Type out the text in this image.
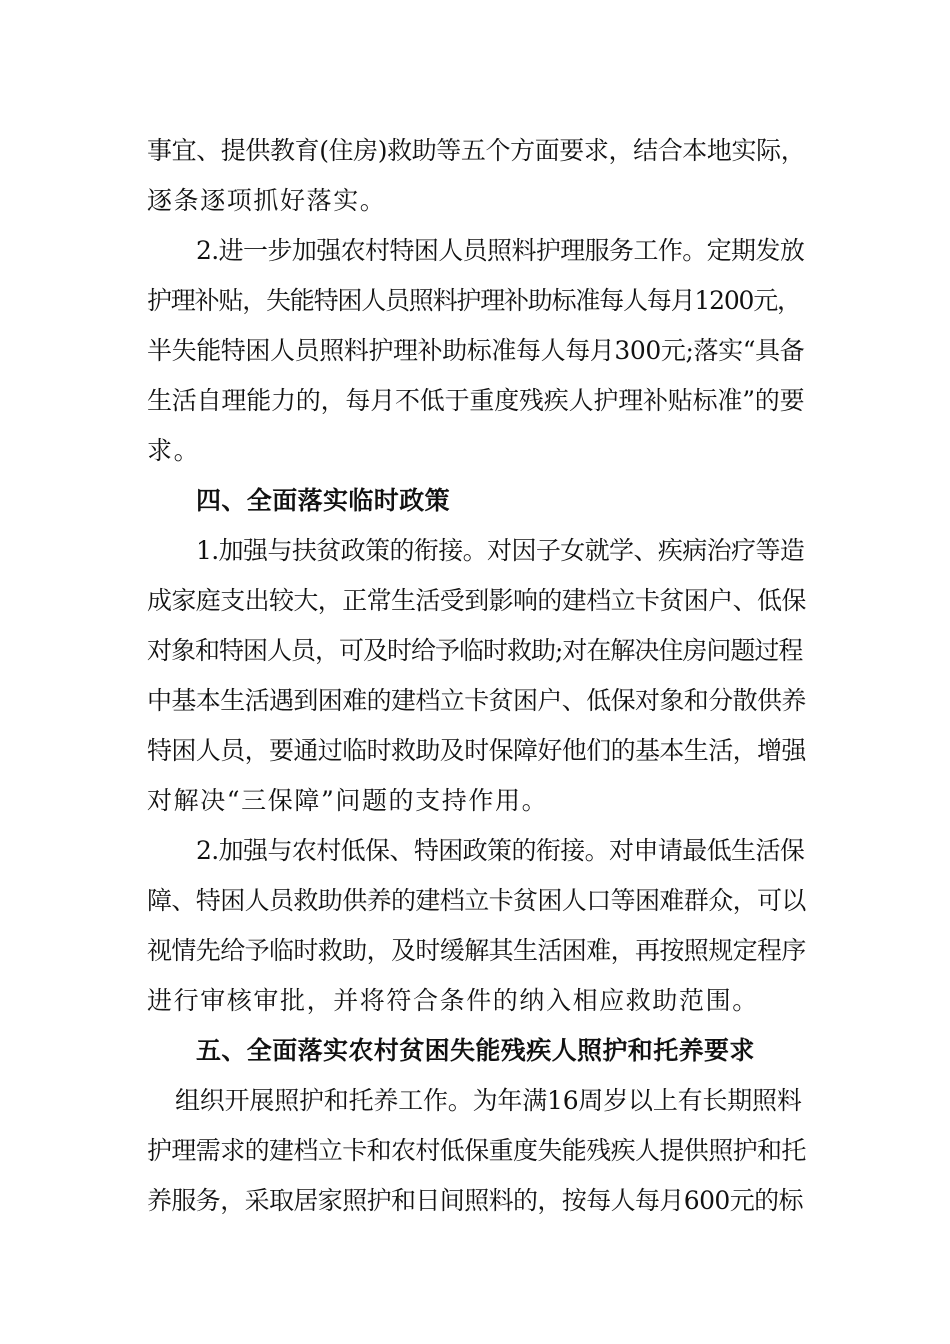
事宜、提供教育(住房)救助等五个方面要求，结合本地实际，
逐条逐项抓好落实。
2.进一步加强农村特困人员照料护理服务工作。定期发放
护理补贴，失能特困人员照料护理补助标准每人每月1200元，
半失能特困人员照料护理补助标准每人每月300元;落实“具备
生活自理能力的，每月不低于重度残疾人护理补贴标准”的要
求。
四、全面落实临时政策
1.加强与扶贫政策的衔接。对因子女就学、疾病治疗等造
成家庭支出较大，正常生活受到影响的建档立卡贫困户、低保
对象和特困人员，可及时给予临时救助;对在解决住房问题过程
中基本生活遇到困难的建档立卡贫困户、低保对象和分散供养
特困人员，要通过临时救助及时保障好他们的基本生活，增强
对解决“三保障”问题的支持作用。
2.加强与农村低保、特困政策的衔接。对申请最低生活保
障、特困人员救助供养的建档立卡贫困人口等困难群众，可以
视情先给予临时救助，及时缓解其生活困难，再按照规定程序
进行审核审批，并将符合条件的纳入相应救助范围。
五、全面落实农村贫困失能残疾人照护和托养要求
组织开展照护和托养工作。为年满16周岁以上有长期照料
护理需求的建档立卡和农村低保重度失能残疾人提供照护和托
养服务，采取居家照护和日间照料的，按每人每月600元的标
